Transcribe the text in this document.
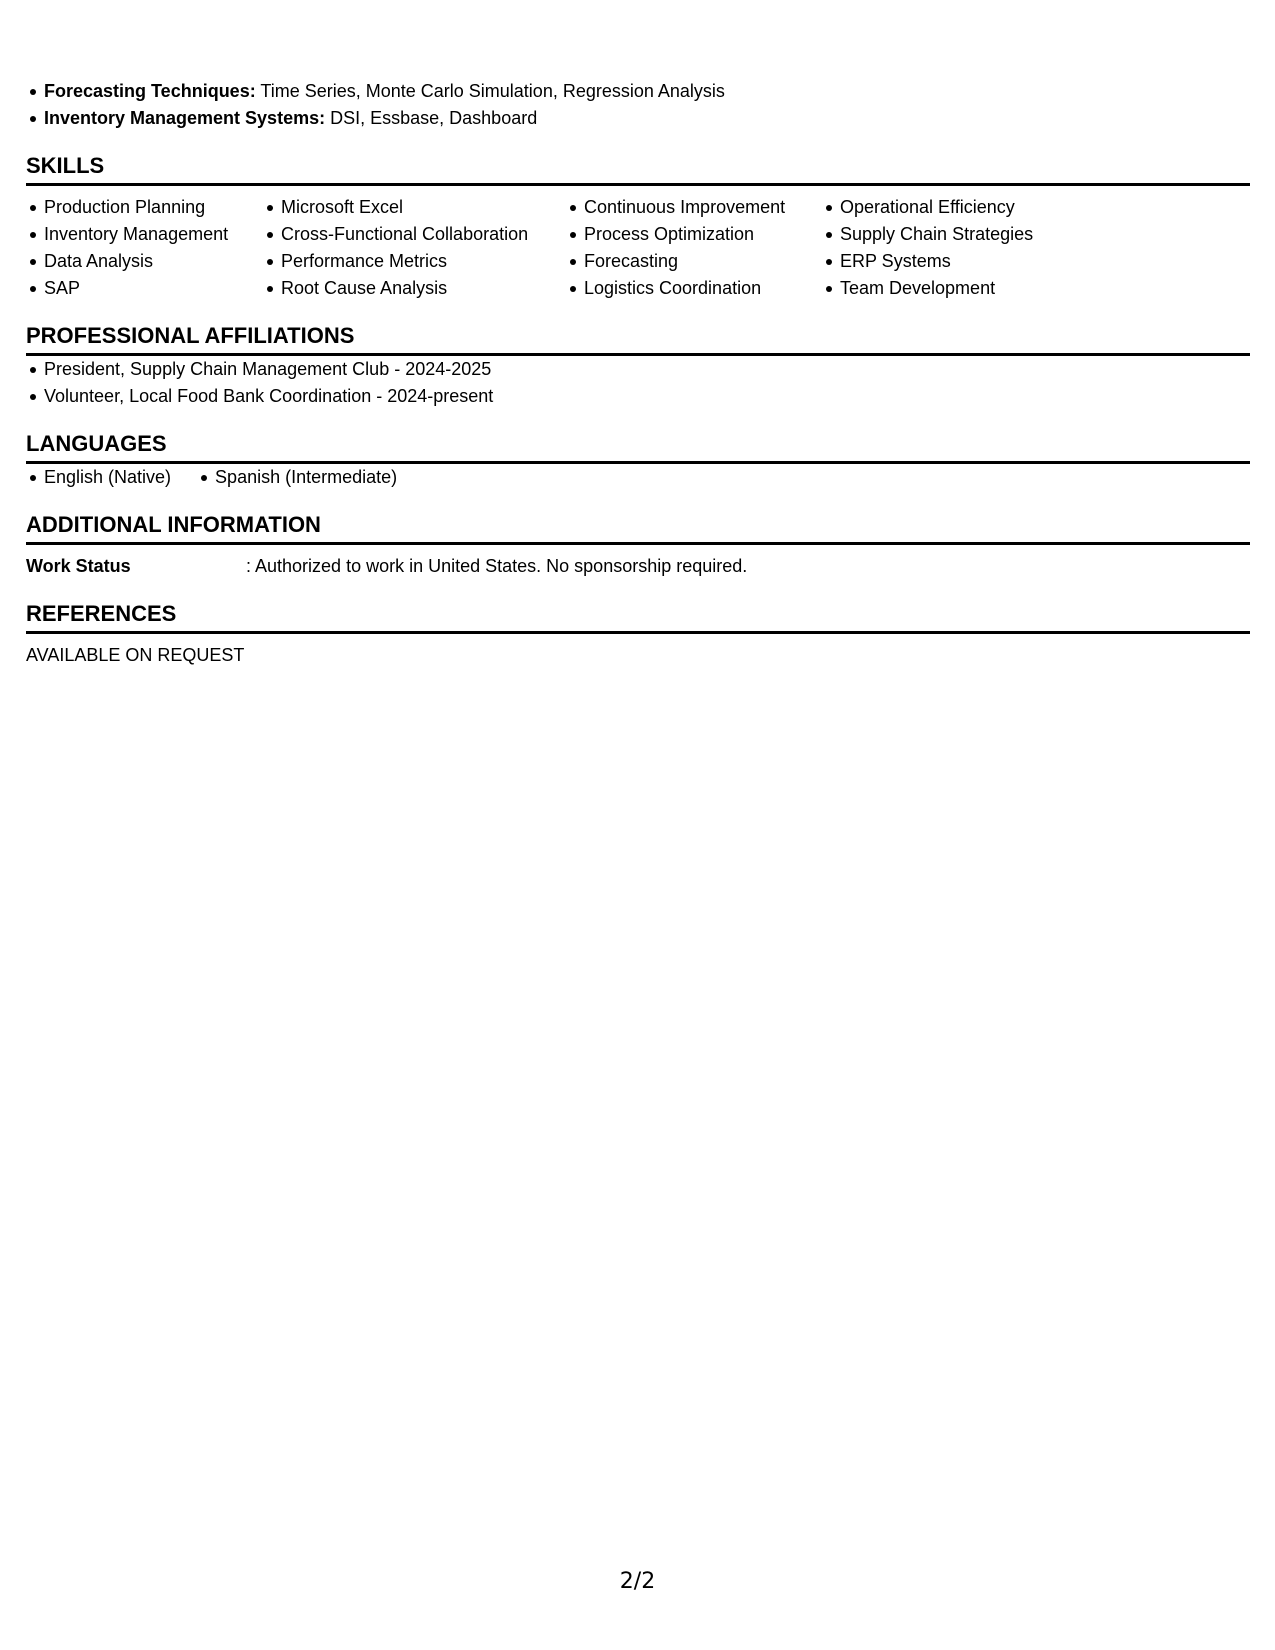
Forecasting Techniques: Time Series, Monte Carlo Simulation, Regression Analysis
Inventory Management Systems: DSI, Essbase, Dashboard
SKILLS
Production Planning
Inventory Management
Data Analysis
SAP
Microsoft Excel
Cross-Functional Collaboration
Performance Metrics
Root Cause Analysis
Continuous Improvement
Process Optimization
Forecasting
Logistics Coordination
Operational Efficiency
Supply Chain Strategies
ERP Systems
Team Development
PROFESSIONAL AFFILIATIONS
President, Supply Chain Management Club - 2024-2025
Volunteer, Local Food Bank Coordination - 2024-present
LANGUAGES
English (Native) Spanish (Intermediate)
ADDITIONAL INFORMATION
Work Status	: Authorized to work in United States. No sponsorship required.
REFERENCES
AVAILABLE ON REQUEST
2/2
